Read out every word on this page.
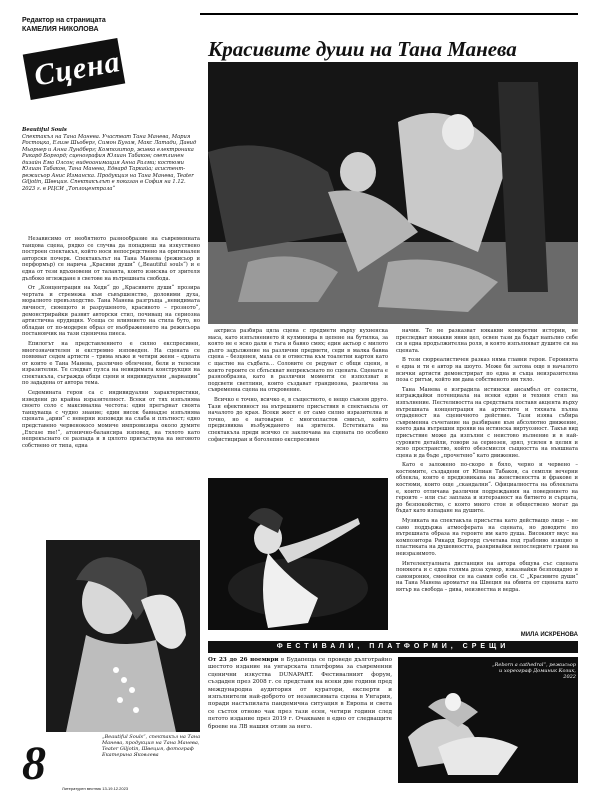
Редактор на страницата
КАМЕЛИЯ НИКОЛОВА
Сцена	Красивите души на Тана Манева
Beautiful Souls
Спектакъл на Тана Манева. Участват Тана Манева, Мария Ростоцка, Елизе Шьоберг, Симон Бугам, Макс Латади, Давид Мьорнер и Анна Лундберг; Композитор, живка електроника Рикард Боргорд; сценография Юлиан Табаков; светлинен дизайн Ема Олсон; видеоанимация Анна Ралми; костюми Юлиан Табаков, Тана Манева, Едвард Таркайа; асистент-режисьор Анис Изманска. Продукция на Тана Манева, Teater Giljotin, Швеция. Спектакълът е показан в София на 1.12. 2023 г. в РЦСИ „Топлоцентрала“

Независимо от необятното разнообразие на съвременната танцова сцена, рядко се случва да попаднеш на изкуствено построен спектакъл, който носи непосредствено на оригинален авторски почерк. Спектакълът на Тана Манева (режисьор и перформър) се нарича „Красиви души“ („Beautiful souls“) и е една от тези вдъхновени от таланта, които изисква от зрителя дълбоко вглеждане в светове на вътрешната свобода.

От „Концентрация на Хеди“ до „Красивите души“ прозира чертата и стремежа към съвършенство, доловими духа, моралното превъзходство. Тана Манева разгръща „невидимата личност, сияещото и разрушеното, красивото – грозното“, демонстрирайки развит авторски стил, почиващ на сериозна артистична ерудиция. Усеща се влиянието на стила буто, но обладан от по-модерен образ от въображението на режисьора постановчик на тази сценична пиеса.

Епилогът на представлението е силно експресивен, многозначителен и екстремно изповеден. На сцената се появяват седем артисти – трима мъже и четири жени – едната от които е Тана Манева, различно облечени, бели и телесни изразителни. Те следват пулса на невидимата конструкция на спектакъла, съгражда общи сцени и индивидуални „вариации“ по зададена от автора тема.

Седемината герои са с индивидуални характеристики, изведени до крайна изразителност. Всеки от тях изпълнява своето соло с максимална честота: един прегърнат своята танцуваща с чудно знание; един висок бавнадзе изпълнява сцената „арии“ с неверни изповеди на слаба и плътност; едно представено червенокосо момиче импровизира около думите „Excuse me!“, атонично-балансира изповед, на тялото като непрекъснато се разпада и в цялото присъствува на неговото собствено от типа, една

„Beautiful Souls“, спектакъл на Тана Манева, продукция на Тана Манева, Teater Giljotin, Швеция, фотограф Екатерина Яковлева
8	Литературен вестник 13-19.12.2023

актриса разбира цяла сцена с предмети върху кухненска маса, като изпълнението й кулминира в цепене на бутилка, за която не е ясно дали е тъга и бавно смях; един актьор с милото дълго задължение на различни предмети, седи в малка бавна сцена – безценен, маха се и отмества към тоалетни картон като с щастие на съдбата… Соловите се редуват с общи сцени, в които героите се сблъскват непрекъснато по сцената. Сцената е разнообразна, като в различни моменти се използват и подсвети светлини, които създават грандиозна, различна за съвременна сцена на откровение.

Всичко е точно, всичко е, в съществото, е нещо съвсем друго. Тази ефективност на вътрешните присъствия в спектакъла от началото до края. Всеки жест е от само силно изразителна и точно, но е натоварен с многопластов смисъл, който предизвиква възбуждането на зрителя. Естетиката на спектакъла преди всичко се заключава на сцената по особено софистициран и боголепно експресивен

начин. Те не разказват някакви конкретни истории, не преследват някакви явни цел, освен тази да бъдат напълно себе си в една продължителна роля, в която изпълняват душите си на сцената.

В този сюрреалистичен разказ няма главни герои. Героинята е една и ти е автор на шоуто. Може би затова още в началото всички артисти демонстрират по една и съща неизразителна поза с ритъм, който им дава собственото им тяло.

Тана Манева е изградила истински ансамбъл от солисти, изграждайки потенциала на всеки един и техния стил на изпълнение. Пестеливостта на средствата поставя акцента върху вътрешната концентрация на артистите и тяхната пълна отдаденост на сценичното действие. Тази изява събира съвременна съчетание на разбиране към абсолютно движение, което дава вътрешни прояви на истинска виртуозност. Такъв вид присъствие може да изпълни с неистово вълнение и в най-суровите детайли, говори за сериозен, зрял, усилен в целия и ясно пространство, който обезсмисля същността на външната сцена и да бъде „прочетено“ като движение.

Като е заложено по-скоро в бяло, черно и червено – костюмите, създадени от Юлиан Табаков, са семпли вечерни облекла, които е предизвикана на женствеността и фракове и костюми, които още „скандални“. Официалността на облеклата е, които отличава различни подреждания на поведението на героите – или със заплаха и изтерзаност на битието и сърцата, до безпокойство, с която много стон и обществено могат да бъдат като изпадане на душите.

Музиката на спектакъла присъства като действащо лице – не само поддържа атмосферата на сцената, но доводите по вътрешната образа на героите им като душа. Високият вкус на композитора Рикард Боргорд съчетава под грабливо изящно в пластиката на душевността, разкривайки непоследните грани на неизразимото.

Интелектуалната дистанция на автора общува със сцената понякога и с една голяма доза хумор, изказвайки безпощадно и самоирония, смеейки се на самия себе си. С „Красивите души“ на Тана Манева ароматът на Швеция на обвита от сцената като вятър на свобода – дива, неизвестна и ведра.

МИЛА ИСКРЕНОВА
ФЕСТИВАЛИ, ПЛАТФОРМИ, СРЕЩИ
От 23 до 26 ноември в Будапеща се проведе дълготрайно шестото издание на унгарската платформа за съвременни сценични изкуства DUNAPART. Фестивалният форум, създаден през 2008 г. се представя на всеки две години пред международна аудитория от куратори, експерти и изпълнители най-доброто от независимата сцена в Унгария, поради настъпилата пандемична ситуация в Европа и света се състоя отново чак през тази есен, четири години след петото издание през 2019 г. Очакваме в едно от следващите броеве на ЛВ нашия отзив за него.
„Reborn a cathedral“, режисьор и хореограф Доминик Козик, 2022
